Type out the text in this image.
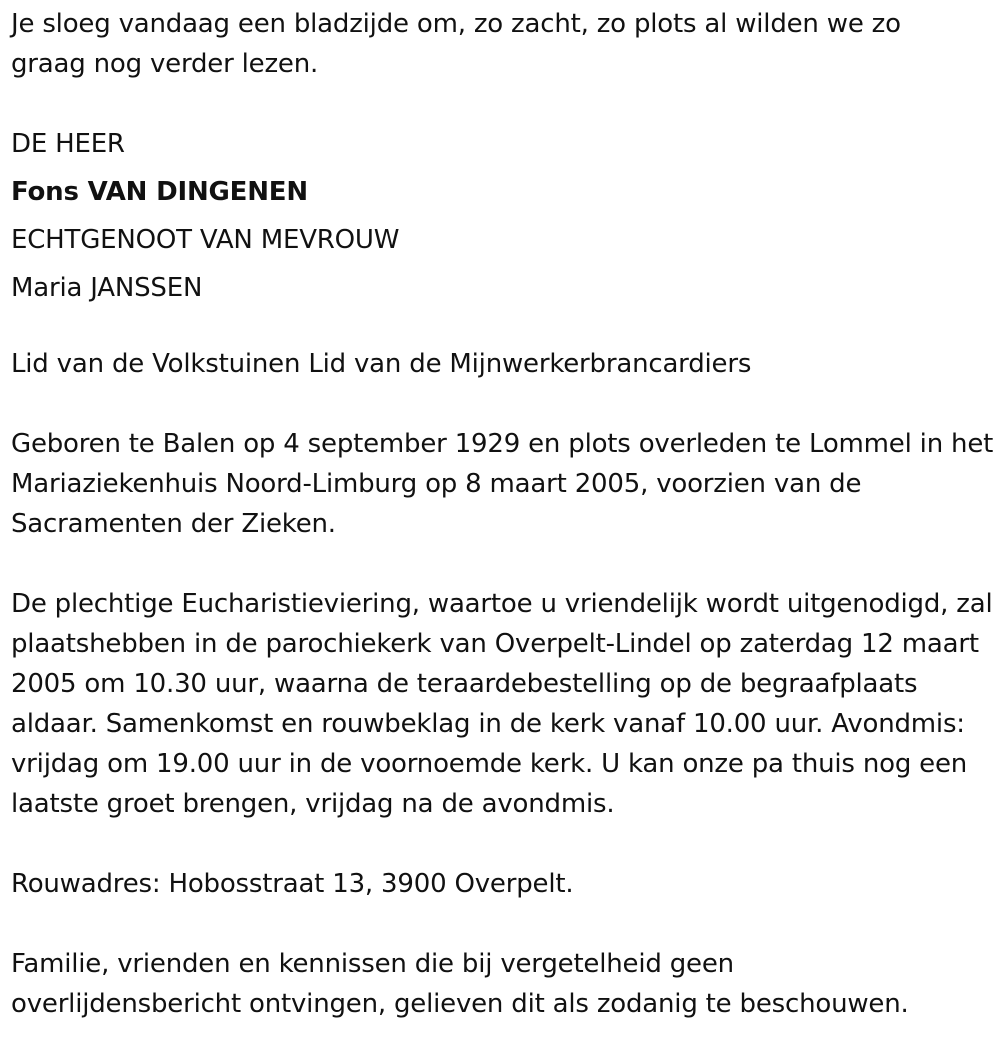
Je sloeg vandaag een bladzijde om, zo zacht, zo plots al wilden we zo graag nog verder lezen.

DE HEER

Fons VAN DINGENEN

ECHTGENOOT VAN MEVROUW

Maria JANSSEN

Lid van de Volkstuinen Lid van de Mijnwerkerbrancardiers

Geboren te Balen op 4 september 1929 en plots overleden te Lommel in het Mariaziekenhuis Noord-Limburg op 8 maart 2005, voorzien van de Sacramenten der Zieken.

De plechtige Eucharistieviering, waartoe u vriendelijk wordt uitgenodigd, zal plaatshebben in de parochiekerk van Overpelt-Lindel op zaterdag 12 maart 2005 om 10.30 uur, waarna de teraardebestelling op de begraafplaats aldaar. Samenkomst en rouwbeklag in de kerk vanaf 10.00 uur. Avondmis: vrijdag om 19.00 uur in de voornoemde kerk. U kan onze pa thuis nog een laatste groet brengen, vrijdag na de avondmis.

Rouwadres: Hobosstraat 13, 3900 Overpelt.

Familie, vrienden en kennissen die bij vergetelheid geen overlijdensbericht ontvingen, gelieven dit als zodanig te beschouwen.
